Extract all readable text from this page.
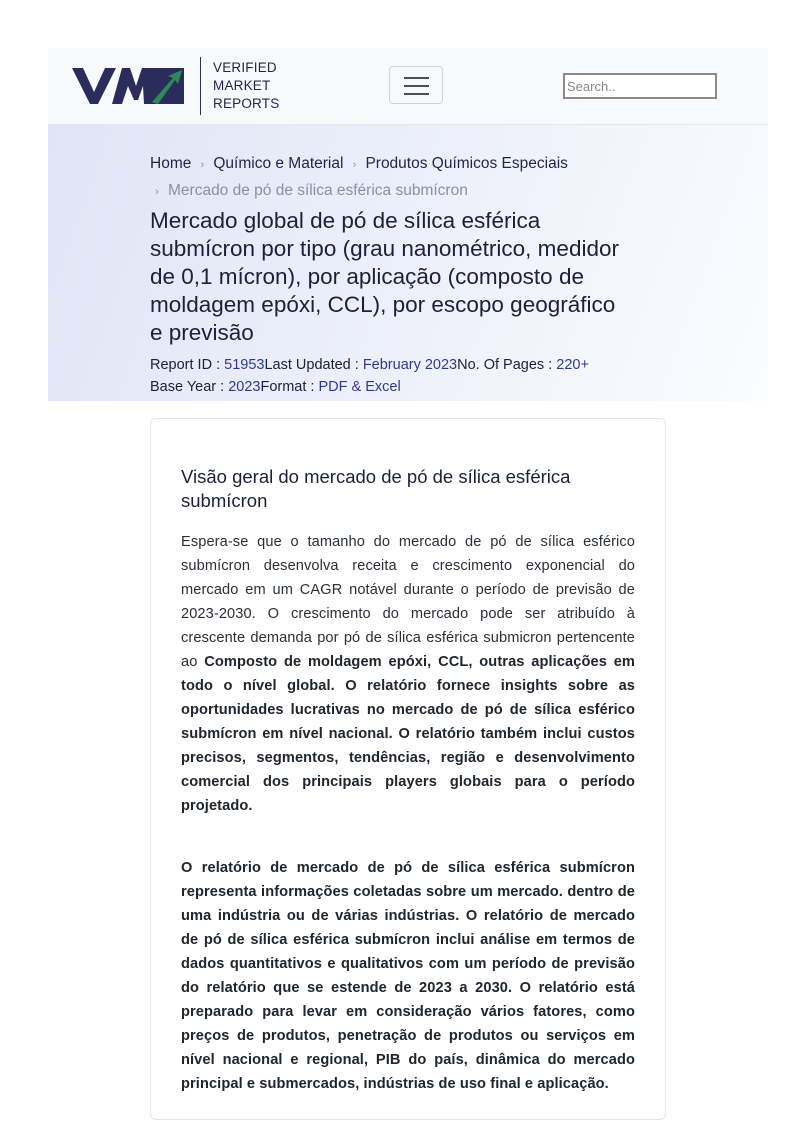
VERIFIED
MARKET
REPORTS
Search..
Home › Químico e Material › Produtos Químicos Especiais
› Mercado de pó de sílica esférica submícron
Mercado global de pó de sílica esférica submícron por tipo (grau nanométrico, medidor de 0,1 mícron), por aplicação (composto de moldagem epóxi, CCL), por escopo geográfico e previsão
Report ID : 51953Last Updated : February 2023No. Of Pages : 220+
Base Year : 2023Format : PDF & Excel
Visão geral do mercado de pó de sílica esférica submícron

Espera-se que o tamanho do mercado de pó de sílica esférico submícron desenvolva receita e crescimento exponencial do mercado em um CAGR notável durante o período de previsão de 2023-2030. O crescimento do mercado pode ser atribuído à crescente demanda por pó de sílica esférica submicron pertencente ao Composto de moldagem epóxi, CCL, outras aplicações em todo o nível global. O relatório fornece insights sobre as oportunidades lucrativas no mercado de pó de sílica esférico submícron em nível nacional. O relatório também inclui custos precisos, segmentos, tendências, região e desenvolvimento comercial dos principais players globais para o período projetado.

O relatório de mercado de pó de sílica esférica submícron representa informações coletadas sobre um mercado. dentro de uma indústria ou de várias indústrias. O relatório de mercado de pó de sílica esférica submícron inclui análise em termos de dados quantitativos e qualitativos com um período de previsão do relatório que se estende de 2023 a 2030. O relatório está preparado para levar em consideração vários fatores, como preços de produtos, penetração de produtos ou serviços em nível nacional e regional, PIB do país, dinâmica do mercado principal e submercados, indústrias de uso final e aplicação.
